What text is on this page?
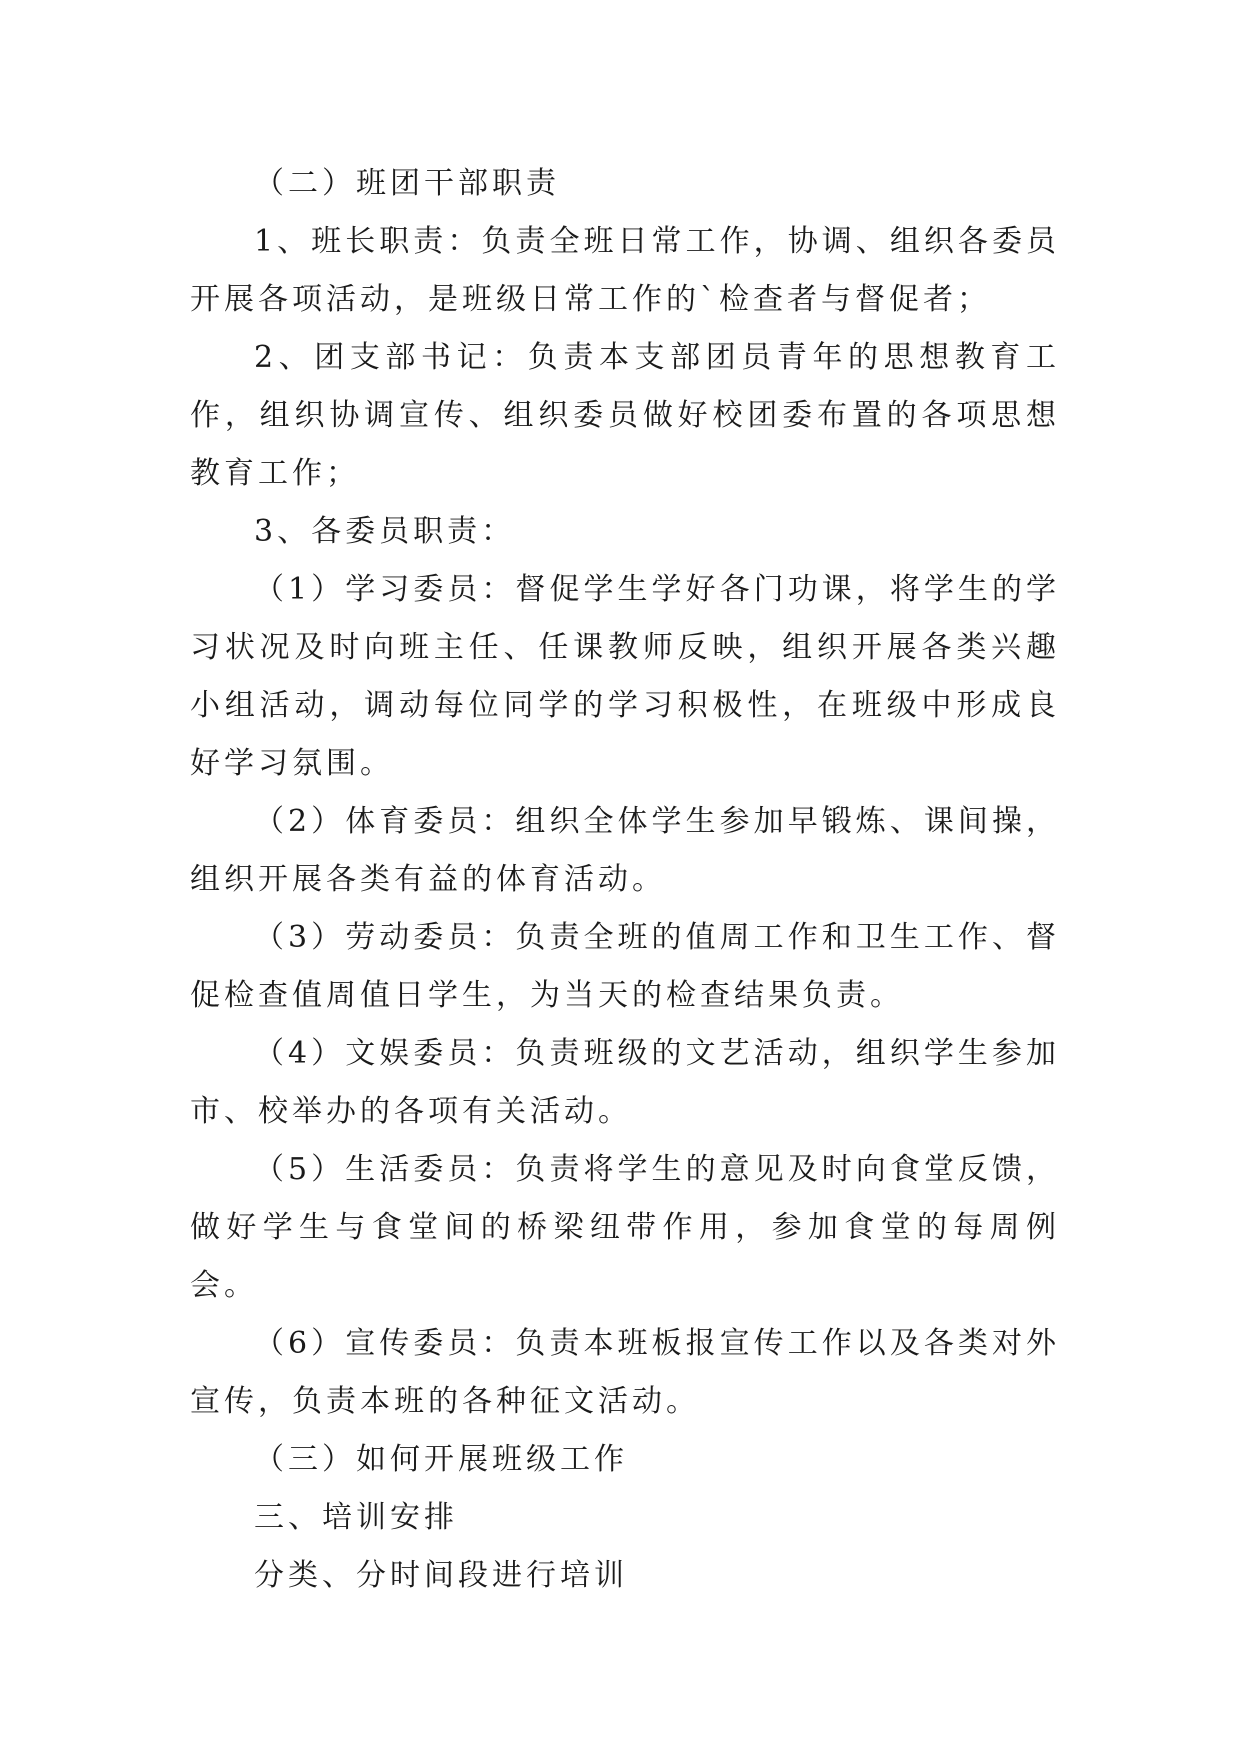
（二）班团干部职责

1、班长职责：负责全班日常工作，协调、组织各委员开展各项活动，是班级日常工作的`检查者与督促者；

2、团支部书记：负责本支部团员青年的思想教育工作，组织协调宣传、组织委员做好校团委布置的各项思想教育工作；

3、各委员职责：

（1）学习委员：督促学生学好各门功课，将学生的学习状况及时向班主任、任课教师反映，组织开展各类兴趣小组活动，调动每位同学的学习积极性，在班级中形成良好学习氛围。

（2）体育委员：组织全体学生参加早锻炼、课间操，组织开展各类有益的体育活动。

（3）劳动委员：负责全班的值周工作和卫生工作、督促检查值周值日学生，为当天的检查结果负责。

（4）文娱委员：负责班级的文艺活动，组织学生参加市、校举办的各项有关活动。

（5）生活委员：负责将学生的意见及时向食堂反馈，做好学生与食堂间的桥梁纽带作用，参加食堂的每周例会。

（6）宣传委员：负责本班板报宣传工作以及各类对外宣传，负责本班的各种征文活动。

（三）如何开展班级工作

三、培训安排

分类、分时间段进行培训
